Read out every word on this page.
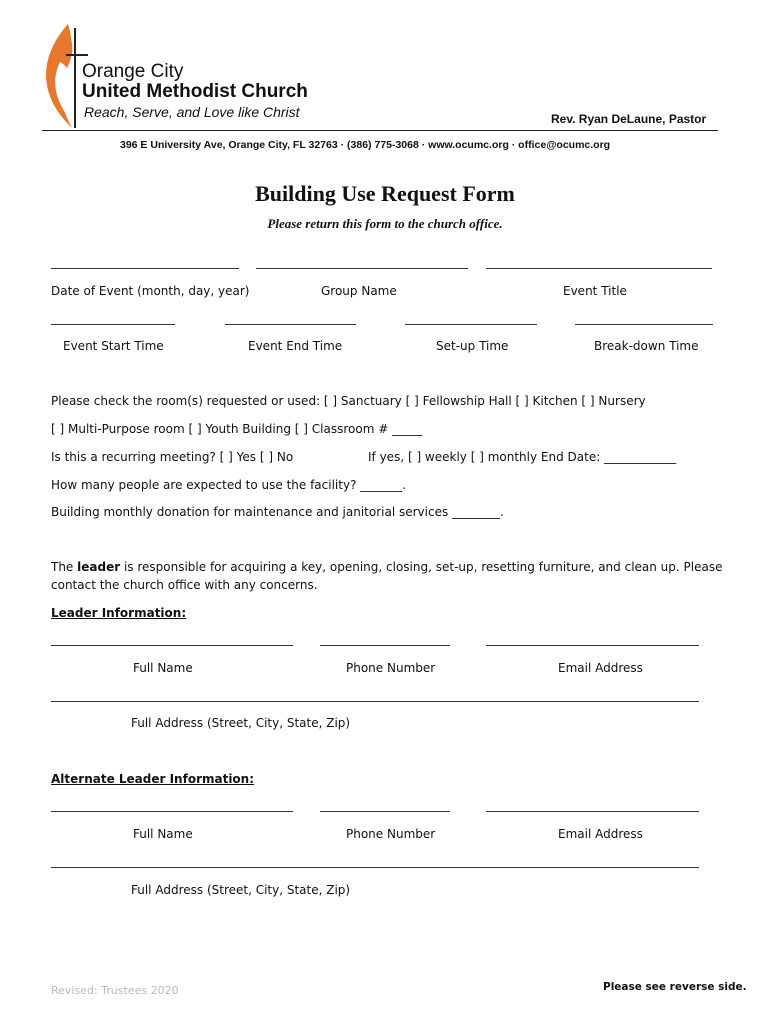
Orange City
United Methodist Church
Reach, Serve, and Love like Christ	Rev. Ryan DeLaune, Pastor
396 E University Ave, Orange City, FL 32763 · (386) 775-3068 · www.ocumc.org · office@ocumc.org
Building Use Request Form
Please return this form to the church office.
Date of Event (month, day, year)	Group Name	Event Title
Event Start Time	Event End Time	Set-up Time	Break-down Time
Please check the room(s) requested or used: [ ] Sanctuary [ ] Fellowship Hall [ ] Kitchen [ ] Nursery
[ ] Multi-Purpose room [ ] Youth Building [ ] Classroom # _____
Is this a recurring meeting? [ ] Yes [ ] No	If yes, [ ] weekly [ ] monthly End Date: ____________
How many people are expected to use the facility? _______.
Building monthly donation for maintenance and janitorial services ________.
The leader is responsible for acquiring a key, opening, closing, set-up, resetting furniture, and clean up. Please
contact the church office with any concerns.
Leader Information:
Full Name	Phone Number	Email Address
Full Address (Street, City, State, Zip)
Alternate Leader Information:
Full Name	Phone Number	Email Address
Full Address (Street, City, State, Zip)
Revised: Trustees 2020	Please see reverse side.
